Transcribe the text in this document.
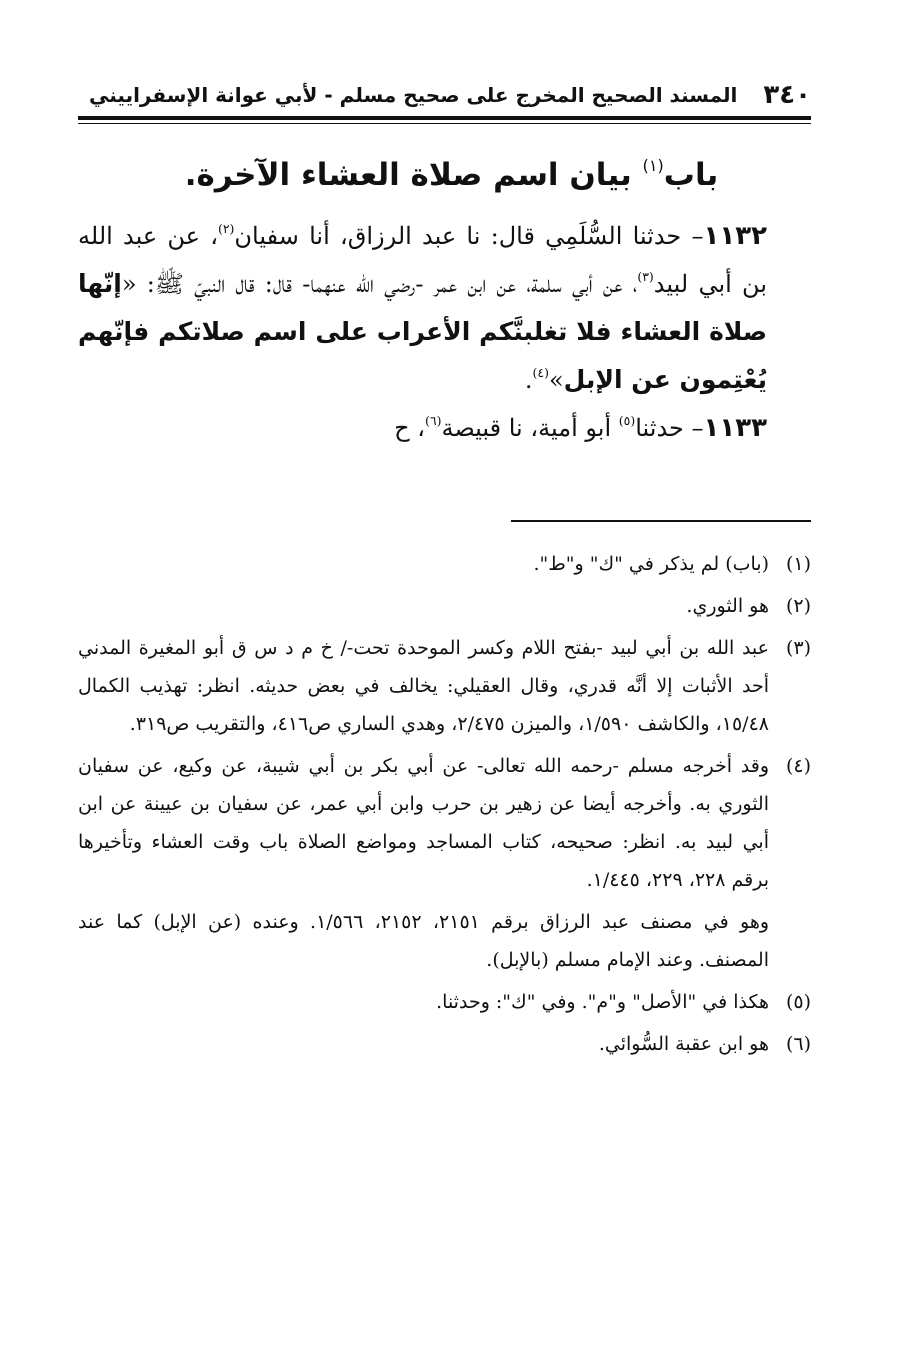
٣٤٠
المسند الصحيح المخرج على صحيح مسلم - لأبي عوانة الإسفراييني
باب$^{(١)}$ بيان اسم صلاة العشاء الآخرة.

١١٣٢– حدثنا السُّلَمِي قال: نا عبد الرزاق، أنا سفيان$^{(٢)}$، عن عبد الله بن أبي لبيد$^{(٣)}$، عن أبي سلمة، عن ابن عمر -رضي الله عنهما- قال: قال النبيّ ﷺ: «إنّها صلاة العشاء فلا تغلبنَّكم الأعراب على اسم صلاتكم فإنّهم يُعْتِمون عن الإبل»$^{(٤)}$.

١١٣٣– حدثنا$^{(٥)}$ أبو أمية، نا قبيصة$^{(٦)}$، ح

(١)(باب) لم يذكر في "ك" و"ط".

(٢)هو الثوري.

(٣)عبد الله بن أبي لبيد -بفتح اللام وكسر الموحدة تحت-/ خ م د س ق أبو المغيرة المدني أحد الأثبات إلا أنَّه قدري، وقال العقيلي: يخالف في بعض حديثه. انظر: تهذيب الكمال ١٥/٤٨، والكاشف ١/٥٩٠، والميزن ٢/٤٧٥، وهدي الساري ص٤١٦، والتقريب ص٣١٩.

(٤)وقد أخرجه مسلم -رحمه الله تعالى- عن أبي بكر بن أبي شيبة، عن وكيع، عن سفيان الثوري به. وأخرجه أيضا عن زهير بن حرب وابن أبي عمر، عن سفيان بن عيينة عن ابن أبي لبيد به. انظر: صحيحه، كتاب المساجد ومواضع الصلاة باب وقت العشاء وتأخيرها برقم ٢٢٨، ٢٢٩، ١/٤٤٥.

وهو في مصنف عبد الرزاق برقم ٢١٥١، ٢١٥٢، ١/٥٦٦. وعنده (عن الإبل) كما عند المصنف. وعند الإمام مسلم (بالإبل).

(٥)هكذا في "الأصل" و"م". وفي "ك": وحدثنا.

(٦)هو ابن عقبة السُّوائي.
